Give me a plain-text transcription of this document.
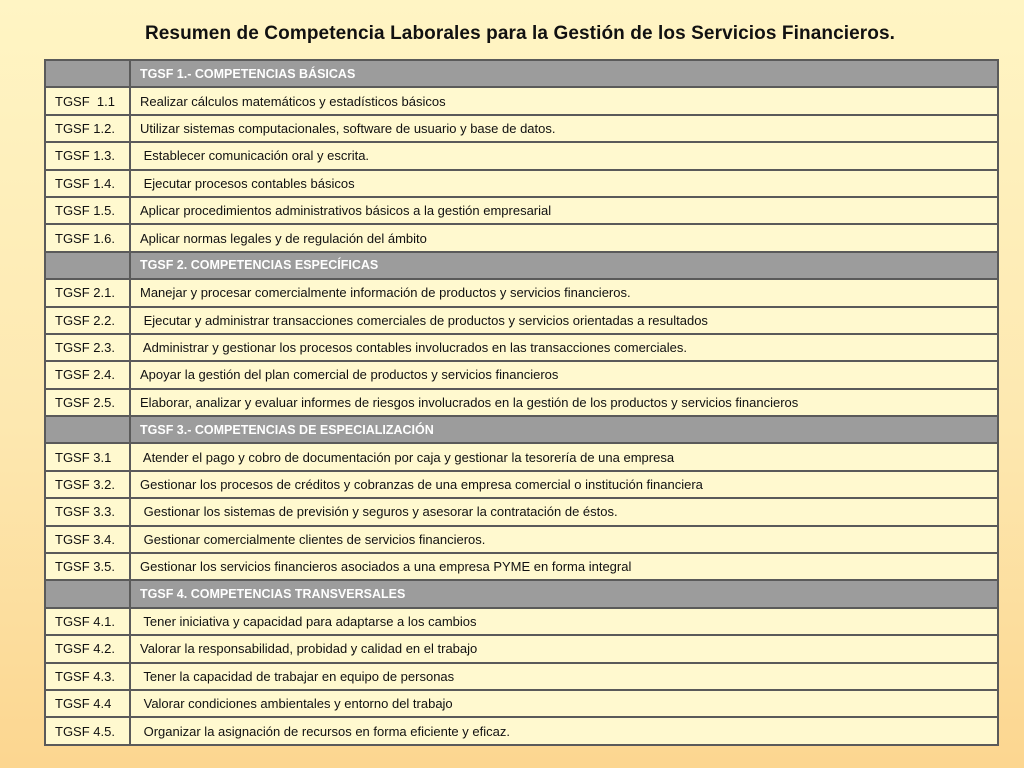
Resumen de Competencia Laborales para la Gestión de los Servicios Financieros.
	TGSF 1.- COMPETENCIAS BÁSICAS
TGSF  1.1	Realizar cálculos matemáticos y estadísticos básicos
TGSF 1.2.	Utilizar sistemas computacionales, software de usuario y base de datos.
TGSF 1.3.	Establecer comunicación oral y escrita.
TGSF 1.4.	Ejecutar procesos contables básicos
TGSF 1.5.	Aplicar procedimientos administrativos básicos a la gestión empresarial
TGSF 1.6.	Aplicar normas legales y de regulación del ámbito
	TGSF 2. COMPETENCIAS ESPECÍFICAS
TGSF 2.1.	Manejar y procesar comercialmente información de productos y servicios financieros.
TGSF 2.2.	Ejecutar y administrar transacciones comerciales de productos y servicios orientadas a resultados
TGSF 2.3.	Administrar y gestionar los procesos contables involucrados en las transacciones comerciales.
TGSF 2.4.	Apoyar la gestión del plan comercial de productos y servicios financieros
TGSF 2.5.	Elaborar, analizar y evaluar informes de riesgos involucrados en la gestión de los productos y servicios financieros
	TGSF 3.- COMPETENCIAS DE ESPECIALIZACIÓN
TGSF 3.1	Atender el pago y cobro de documentación por caja y gestionar la tesorería de una empresa
TGSF 3.2.	Gestionar los procesos de créditos y cobranzas de una empresa comercial o institución financiera
TGSF 3.3.	Gestionar los sistemas de previsión y seguros y asesorar la contratación de éstos.
TGSF 3.4.	Gestionar comercialmente clientes de servicios financieros.
TGSF 3.5.	Gestionar los servicios financieros asociados a una empresa PYME en forma integral
	TGSF 4. COMPETENCIAS TRANSVERSALES
TGSF 4.1.	Tener iniciativa y capacidad para adaptarse a los cambios
TGSF 4.2.	Valorar la responsabilidad, probidad y calidad en el trabajo
TGSF 4.3.	Tener la capacidad de trabajar en equipo de personas
TGSF 4.4	Valorar condiciones ambientales y entorno del trabajo
TGSF 4.5.	Organizar la asignación de recursos en forma eficiente y eficaz.
